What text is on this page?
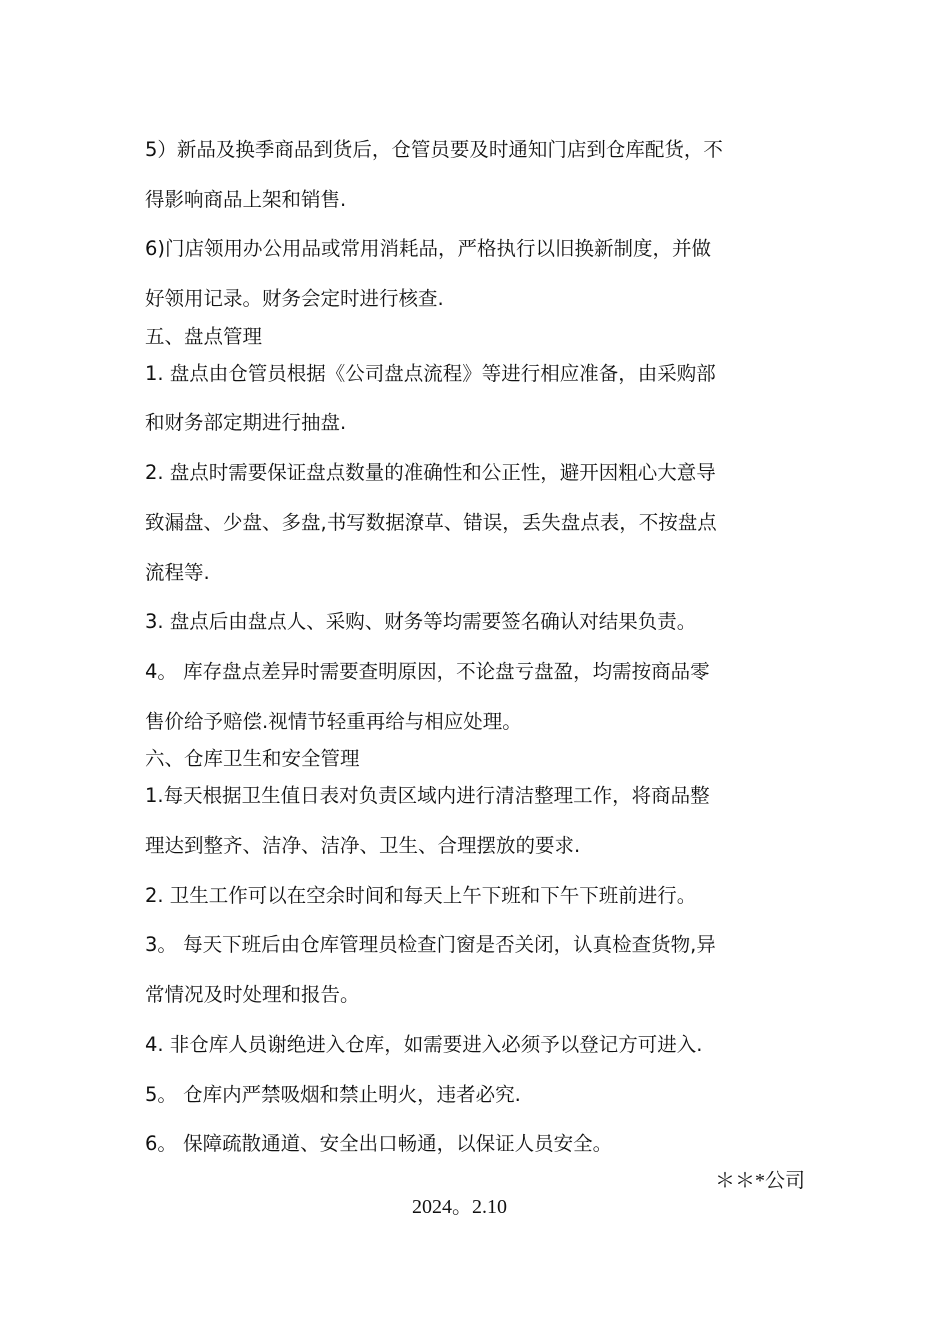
5）新品及换季商品到货后，仓管员要及时通知门店到仓库配货，不
得影响商品上架和销售.
6)门店领用办公用品或常用消耗品，严格执行以旧换新制度，并做
好领用记录。财务会定时进行核查.
五、盘点管理
1. 盘点由仓管员根据《公司盘点流程》等进行相应准备，由采购部
和财务部定期进行抽盘.
2. 盘点时需要保证盘点数量的准确性和公正性，避开因粗心大意导
致漏盘、少盘、多盘,书写数据潦草、错误，丢失盘点表，不按盘点
流程等.
3. 盘点后由盘点人、采购、财务等均需要签名确认对结果负责。
4。 库存盘点差异时需要查明原因，不论盘亏盘盈，均需按商品零
售价给予赔偿.视情节轻重再给与相应处理。
六、仓库卫生和安全管理
1.每天根据卫生值日表对负责区域内进行清洁整理工作，将商品整
理达到整齐、洁净、洁净、卫生、合理摆放的要求.
2. 卫生工作可以在空余时间和每天上午下班和下午下班前进行。
3。 每天下班后由仓库管理员检查门窗是否关闭，认真检查货物,异
常情况及时处理和报告。
4. 非仓库人员谢绝进入仓库，如需要进入必须予以登记方可进入.
5。 仓库内严禁吸烟和禁止明火，违者必究.
6。 保障疏散通道、安全出口畅通，以保证人员安全。
＊＊*公司
2024。2.10
